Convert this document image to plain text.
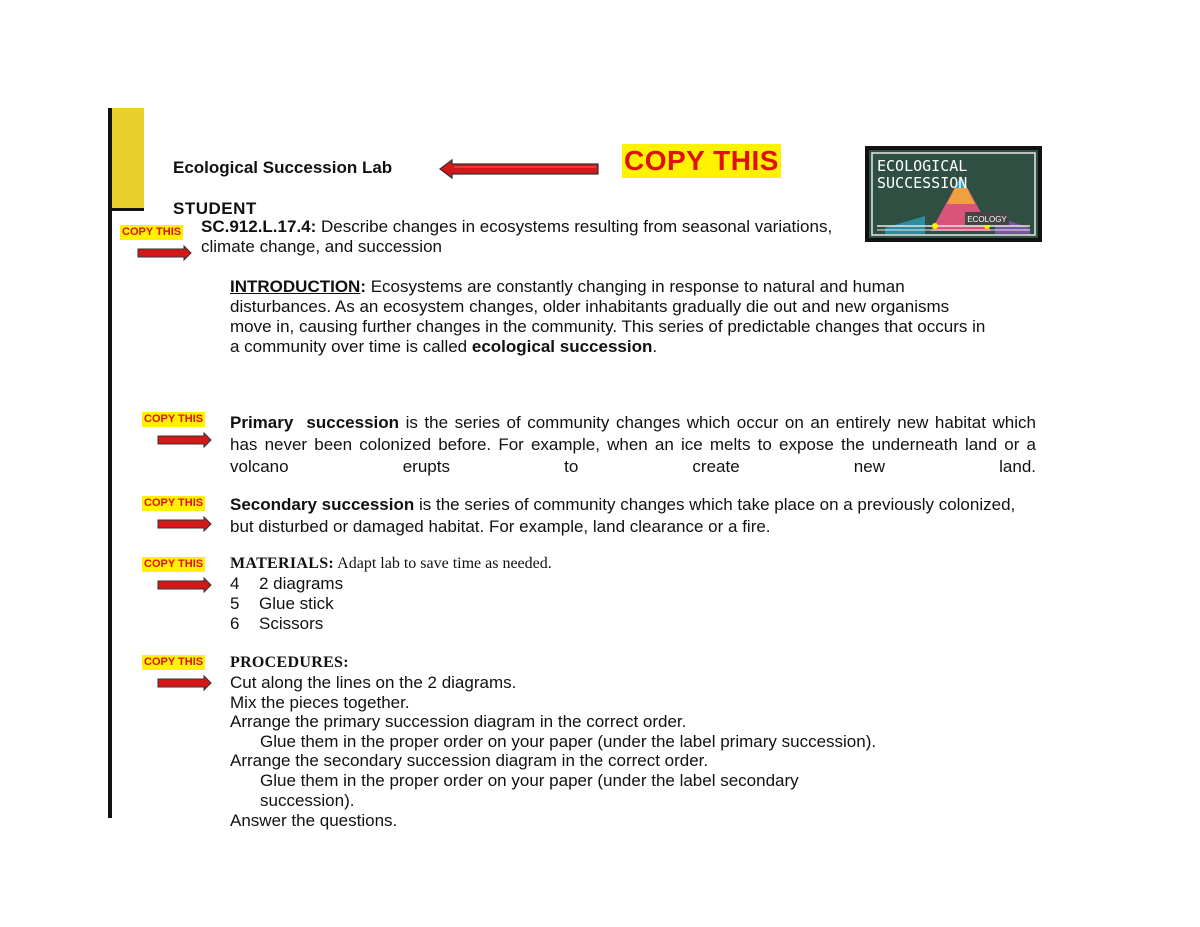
Ecological Succession Lab	COPY THIS
ECOLOGY
ECOLOGICAL
SUCCESSION
STUDENT
COPY THIS SC.912.L.17.4: Describe changes in ecosystems resulting from seasonal variations, climate change, and succession
INTRODUCTION: Ecosystems are constantly changing in response to natural and human disturbances. As an ecosystem changes, older inhabitants gradually die out and new organisms move in, causing further changes in the community. This series of predictable changes that occurs in a community over time is called ecological succession.
COPY THIS Primary  succession is the series of community changes which occur on an entirely new habitat which has never been colonized before. For example, when an ice melts to expose the underneath land or a volcano erupts to create new land.
COPY THIS Secondary succession is the series of community changes which take place on a previously colonized, but disturbed or damaged habitat. For example, land clearance or a fire.
COPY THIS MATERIALS: Adapt lab to save time as needed.
4 2 diagrams
5 Glue stick
6 Scissors
COPY THIS PROCEDURES:
Cut along the lines on the 2 diagrams.
Mix the pieces together.
Arrange the primary succession diagram in the correct order.
Glue them in the proper order on your paper (under the label primary succession).
Arrange the secondary succession diagram in the correct order.
Glue them in the proper order on your paper (under the label secondary succession).
Answer the questions.
